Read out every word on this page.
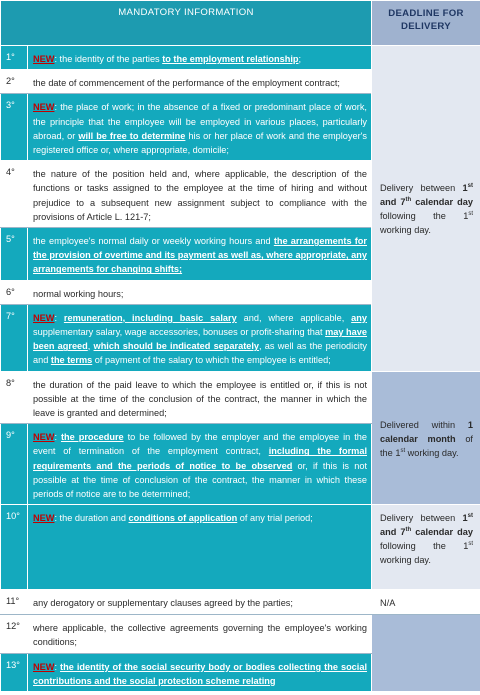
MANDATORY INFORMATION		DEADLINE FOR DELIVERY
1°	NEW: the identity of the parties to the employment relationship;	Delivery between 1st and 7th calendar day following the 1st working day.
2°	the date of commencement of the performance of the employment contract;	
3°	NEW: the place of work; in the absence of a fixed or predominant place of work, the principle that the employee will be employed in various places, particularly abroad, or will be free to determine his or her place of work and the employer's registered office or, where appropriate, domicile;	
4°	the nature of the position held and, where applicable, the description of the functions or tasks assigned to the employee at the time of hiring and without prejudice to a subsequent new assignment subject to compliance with the provisions of Article L. 121-7;	
5°	the employee's normal daily or weekly working hours and the arrangements for the provision of overtime and its payment as well as, where appropriate, any arrangements for changing shifts;	
6°	normal working hours;	
7°	NEW: remuneration, including basic salary and, where applicable, any supplementary salary, wage accessories, bonuses or profit-sharing that may have been agreed, which should be indicated separately, as well as the periodicity and the terms of payment of the salary to which the employee is entitled;	
8°	the duration of the paid leave to which the employee is entitled or, if this is not possible at the time of the conclusion of the contract, the manner in which the leave is granted and determined;	Delivered within 1 calendar month of the 1st working day.
9°	NEW: the procedure to be followed by the employer and the employee in the event of termination of the employment contract, including the formal requirements and the periods of notice to be observed or, if this is not possible at the time of conclusion of the contract, the manner in which these periods of notice are to be determined;	
10°	NEW: the duration and conditions of application of any trial period;	Delivery between 1st and 7th calendar day following the 1st working day.
11°	any derogatory or supplementary clauses agreed by the parties;	N/A
12°	where applicable, the collective agreements governing the employee's working conditions;	
13°	NEW: the identity of the social security body or bodies collecting the social contributions and the social protection scheme relating	
